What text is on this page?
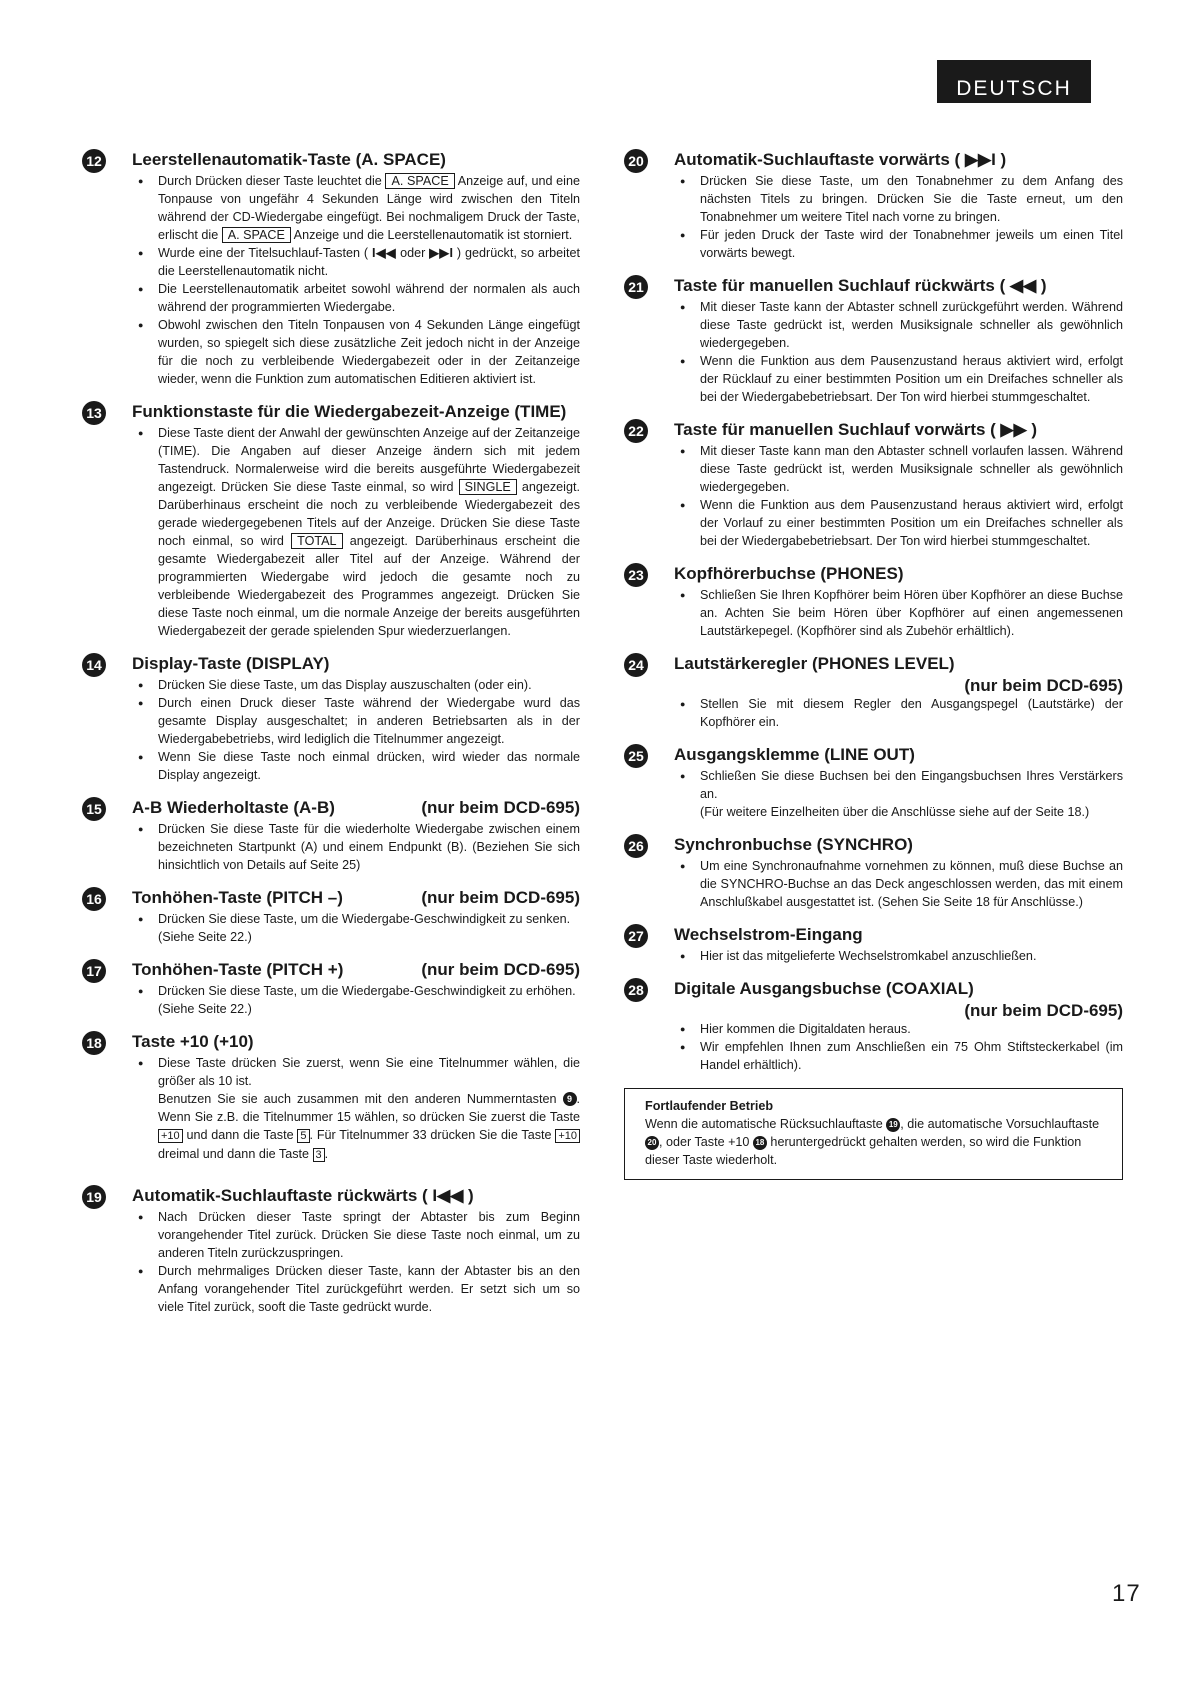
DEUTSCH
12 Leerstellenautomatik-Taste (A. SPACE)
● Durch Drücken dieser Taste leuchtet die A. SPACE Anzeige auf, und eine Tonpause von ungefähr 4 Sekunden Länge wird zwischen den Titeln während der CD-Wiedergabe eingefügt. Bei nochmaligem Druck der Taste, erlischt die A. SPACE Anzeige und die Leerstellenautomatik ist storniert.
● Wurde eine der Titelsuchlauf-Tasten ( I◀◀ oder ▶▶I ) gedrückt, so arbeitet die Leerstellenautomatik nicht.
● Die Leerstellenautomatik arbeitet sowohl während der normalen als auch während der programmierten Wiedergabe.
● Obwohl zwischen den Titeln Tonpausen von 4 Sekunden Länge eingefügt wurden, so spiegelt sich diese zusätzliche Zeit jedoch nicht in der Anzeige für die noch zu verbleibende Wiedergabezeit oder in der Zeitanzeige wieder, wenn die Funktion zum automatischen Editieren aktiviert ist.
13 Funktionstaste für die Wiedergabezeit-Anzeige (TIME)
● Diese Taste dient der Anwahl der gewünschten Anzeige auf der Zeitanzeige (TIME). Die Angaben auf dieser Anzeige ändern sich mit jedem Tastendruck. Normalerweise wird die bereits ausgeführte Wiedergabezeit angezeigt. Drücken Sie diese Taste einmal, so wird SINGLE angezeigt. Darüberhinaus erscheint die noch zu verbleibende Wiedergabezeit des gerade wiedergegebenen Titels auf der Anzeige. Drücken Sie diese Taste noch einmal, so wird TOTAL angezeigt. Darüberhinaus erscheint die gesamte Wiedergabezeit aller Titel auf der Anzeige. Während der programmierten Wiedergabe wird jedoch die gesamte noch zu verbleibende Wiedergabezeit des Programmes angezeigt. Drücken Sie diese Taste noch einmal, um die normale Anzeige der bereits ausgeführten Wiedergabezeit der gerade spielenden Spur wiederzuerlangen.
14 Display-Taste (DISPLAY)
● Drücken Sie diese Taste, um das Display auszuschalten (oder ein).
● Durch einen Druck dieser Taste während der Wiedergabe wurd das gesamte Display ausgeschaltet; in anderen Betriebsarten als in der Wiedergabebetriebs, wird lediglich die Titelnummer angezeigt.
● Wenn Sie diese Taste noch einmal drücken, wird wieder das normale Display angezeigt.
15 A-B Wiederholtaste (A-B)	(nur beim DCD-695)
● Drücken Sie diese Taste für die wiederholte Wiedergabe zwischen einem bezeichneten Startpunkt (A) und einem Endpunkt (B). (Beziehen Sie sich hinsichtlich von Details auf Seite 25)
16 Tonhöhen-Taste (PITCH –)	(nur beim DCD-695)
● Drücken Sie diese Taste, um die Wiedergabe-Geschwindigkeit zu senken.
(Siehe Seite 22.)
17 Tonhöhen-Taste (PITCH +)	(nur beim DCD-695)
● Drücken Sie diese Taste, um die Wiedergabe-Geschwindigkeit zu erhöhen.
(Siehe Seite 22.)
18 Taste +10 (+10)
● Diese Taste drücken Sie zuerst, wenn Sie eine Titelnummer wählen, die größer als 10 ist.
Benutzen Sie sie auch zusammen mit den anderen Nummerntasten 9 . Wenn Sie z.B. die Titelnummer 15 wählen, so drücken Sie zuerst die Taste +10 und dann die Taste 5 . Für Titelnummer 33 drücken Sie die Taste +10 dreimal und dann die Taste 3 .
19 Automatik-Suchlauftaste rückwärts ( I◀◀ )
● Nach Drücken dieser Taste springt der Abtaster bis zum Beginn vorangehender Titel zurück. Drücken Sie diese Taste noch einmal, um zu anderen Titeln zurückzuspringen.
● Durch mehrmaliges Drücken dieser Taste, kann der Abtaster bis an den Anfang vorangehender Titel zurückgeführt werden. Er setzt sich um so viele Titel zurück, sooft die Taste gedrückt wurde.
20 Automatik-Suchlauftaste vorwärts ( ▶▶I )
● Drücken Sie diese Taste, um den Tonabnehmer zu dem Anfang des nächsten Titels zu bringen. Drücken Sie die Taste erneut, um den Tonabnehmer um weitere Titel nach vorne zu bringen.
● Für jeden Druck der Taste wird der Tonabnehmer jeweils um einen Titel vorwärts bewegt.
21 Taste für manuellen Suchlauf rückwärts ( ◀◀ )
● Mit dieser Taste kann der Abtaster schnell zurückgeführt werden. Während diese Taste gedrückt ist, werden Musiksignale schneller als gewöhnlich wiedergegeben.
● Wenn die Funktion aus dem Pausenzustand heraus aktiviert wird, erfolgt der Rücklauf zu einer bestimmten Position um ein Dreifaches schneller als bei der Wiedergabebetriebsart. Der Ton wird hierbei stummgeschaltet.
22 Taste für manuellen Suchlauf vorwärts ( ▶▶ )
● Mit dieser Taste kann man den Abtaster schnell vorlaufen lassen. Während diese Taste gedrückt ist, werden Musiksignale schneller als gewöhnlich wiedergegeben.
● Wenn die Funktion aus dem Pausenzustand heraus aktiviert wird, erfolgt der Vorlauf zu einer bestimmten Position um ein Dreifaches schneller als bei der Wiedergabebetriebsart. Der Ton wird hierbei stummgeschaltet.
23 Kopfhörerbuchse (PHONES)
● Schließen Sie Ihren Kopfhörer beim Hören über Kopfhörer an diese Buchse an. Achten Sie beim Hören über Kopfhörer auf einen angemessenen Lautstärkepegel. (Kopfhörer sind als Zubehör erhältlich).
24 Lautstärkeregler (PHONES LEVEL)
(nur beim DCD-695)
● Stellen Sie mit diesem Regler den Ausgangspegel (Lautstärke) der Kopfhörer ein.
25 Ausgangsklemme (LINE OUT)
● Schließen Sie diese Buchsen bei den Eingangsbuchsen Ihres Verstärkers an.
(Für weitere Einzelheiten über die Anschlüsse siehe auf der Seite 18.)
26 Synchronbuchse (SYNCHRO)
● Um eine Synchronaufnahme vornehmen zu können, muß diese Buchse an die SYNCHRO-Buchse an das Deck angeschlossen werden, das mit einem Anschlußkabel ausgestattet ist. (Sehen Sie Seite 18 für Anschlüsse.)
27 Wechselstrom-Eingang
● Hier ist das mitgelieferte Wechselstromkabel anzuschließen.
28 Digitale Ausgangsbuchse (COAXIAL)
(nur beim DCD-695)
● Hier kommen die Digitaldaten heraus.
● Wir empfehlen Ihnen zum Anschließen ein 75 Ohm Stiftsteckerkabel (im Handel erhältlich).
Fortlaufender Betrieb
Wenn die automatische Rücksuchlauftaste 19 , die automatische Vorsuchlauftaste 20 , oder Taste +10 18 heruntergedrückt gehalten werden, so wird die Funktion dieser Taste wiederholt.
17
